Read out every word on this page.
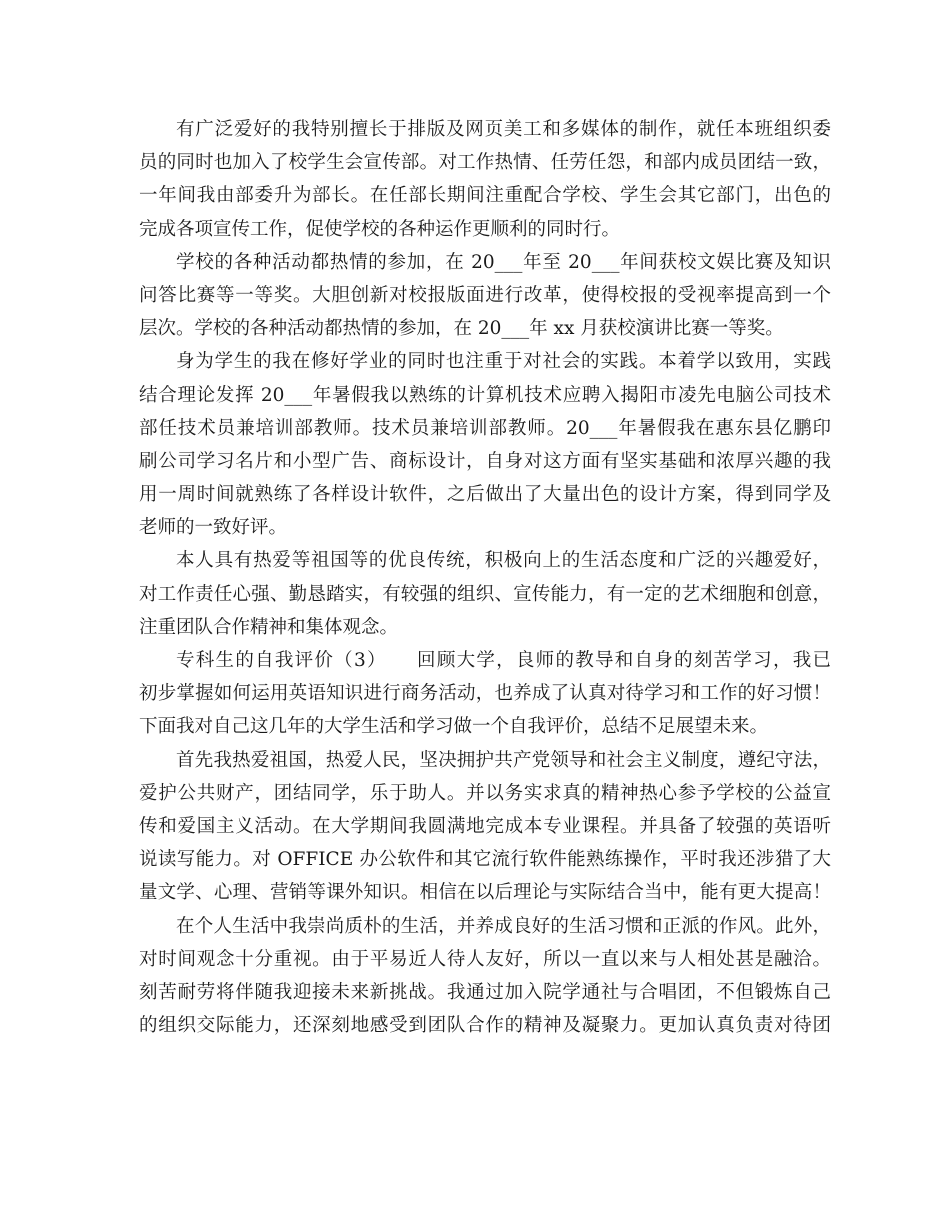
有广泛爱好的我特别擅长于排版及网页美工和多媒体的制作，就任本班组织委
员的同时也加入了校学生会宣传部。对工作热情、任劳任怨，和部内成员团结一致，
一年间我由部委升为部长。在任部长期间注重配合学校、学生会其它部门，出色的
完成各项宣传工作，促使学校的各种运作更顺利的同时行。
学校的各种活动都热情的参加，在 20___年至 20___年间获校文娱比赛及知识
问答比赛等一等奖。大胆创新对校报版面进行改革，使得校报的受视率提高到一个
层次。学校的各种活动都热情的参加，在 20___年 xx 月获校演讲比赛一等奖。
身为学生的我在修好学业的同时也注重于对社会的实践。本着学以致用，实践
结合理论发挥 20___年暑假我以熟练的计算机技术应聘入揭阳市凌先电脑公司技术
部任技术员兼培训部教师。技术员兼培训部教师。20___年暑假我在惠东县亿鹏印
刷公司学习名片和小型广告、商标设计，自身对这方面有坚实基础和浓厚兴趣的我
用一周时间就熟练了各样设计软件，之后做出了大量出色的设计方案，得到同学及
老师的一致好评。
本人具有热爱等祖国等的优良传统，积极向上的生活态度和广泛的兴趣爱好，
对工作责任心强、勤恳踏实，有较强的组织、宣传能力，有一定的艺术细胞和创意，
注重团队合作精神和集体观念。
专科生的自我评价（3）　　回顾大学，良师的教导和自身的刻苦学习，我已
初步掌握如何运用英语知识进行商务活动，也养成了认真对待学习和工作的好习惯！
下面我对自己这几年的大学生活和学习做一个自我评价，总结不足展望未来。
首先我热爱祖国，热爱人民，坚决拥护共产党领导和社会主义制度，遵纪守法，
爱护公共财产，团结同学，乐于助人。并以务实求真的精神热心参予学校的公益宣
传和爱国主义活动。在大学期间我圆满地完成本专业课程。并具备了较强的英语听
说读写能力。对 OFFICE 办公软件和其它流行软件能熟练操作，平时我还涉猎了大
量文学、心理、营销等课外知识。相信在以后理论与实际结合当中，能有更大提高！
在个人生活中我崇尚质朴的生活，并养成良好的生活习惯和正派的作风。此外，
对时间观念十分重视。由于平易近人待人友好，所以一直以来与人相处甚是融洽。
刻苦耐劳将伴随我迎接未来新挑战。我通过加入院学通社与合唱团，不但锻炼自己
的组织交际能力，还深刻地感受到团队合作的精神及凝聚力。更加认真负责对待团
